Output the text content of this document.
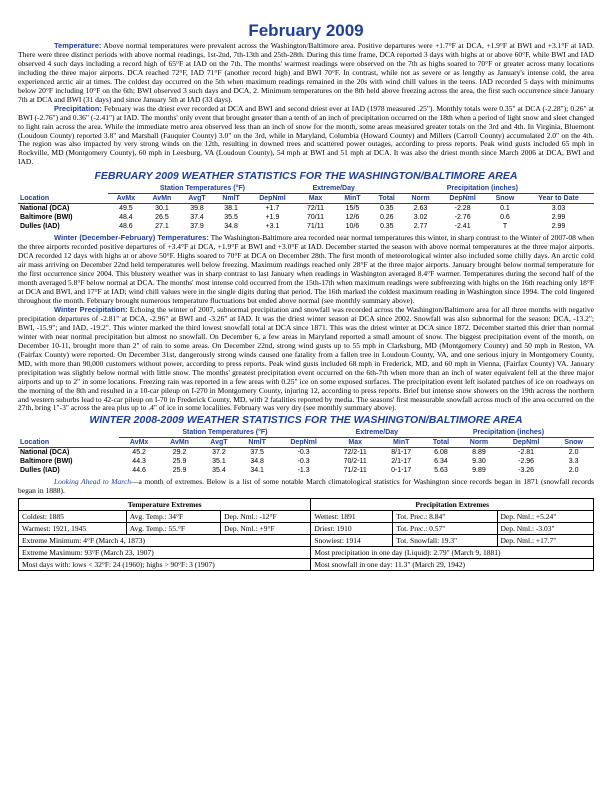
February 2009

Temperature: Above normal temperatures were prevalent across the Washington/Baltimore area. Positive departures were +1.7°F at DCA, +1.9°F at BWI and +3.1°F at IAD. There were three distinct periods with above normal readings, 1st-2nd, 7th-13th and 25th-28th. During this time frame, DCA reported 3 days with highs at or above 60°F, while BWI and IAD observed 4 such days including a record high of 65°F at IAD on the 7th. The months' warmest readings were observed on the 7th as highs soared to 70°F or greater across many locations including the three major airports. DCA reached 72°F, IAD 71°F (another record high) and BWI 70°F. In contrast, while not as severe or as lengthy as January's intense cold, the area experienced arctic air at times. The coldest day occurred on the 5th when maximum readings remained in the 20s with wind chill values in the teens. IAD recorded 5 days with minimums below 20°F including 10°F on the 6th; BWI observed 3 such days and DCA, 2. Minimum temperatures on the 8th held above freezing across the area, the first such occurrence since January 7th at DCA and BWI (31 days) and since January 5th at IAD (33 days).

Precipitation: February was the driest ever recorded at DCA and BWI and second driest ever at IAD (1978 measured .25"). Monthly totals were 0.35" at DCA (-2.28"); 0.26" at BWI (-2.76") and 0.36" (-2.41") at IAD. The months' only event that brought greater than a tenth of an inch of precipitation occurred on the 18th when a period of light snow and sleet changed to light rain across the area. While the immediate metro area observed less than an inch of snow for the month, some areas measured greater totals on the 3rd and 4th. In Virginia, Bluemont (Loudoun County) reported 3.8" and Marshall (Fauquier County) 3.0" on the 3rd, while in Maryland, Columbia (Howard County) and Millers (Carroll County) accumulated 2.0" on the 4th. The region was also impacted by very strong winds on the 12th, resulting in downed trees and scattered power outages, according to press reports. Peak wind gusts included 65 mph in Rockville, MD (Montgomery County), 60 mph in Leesburg, VA (Loudoun County), 54 mph at BWI and 51 mph at DCA. It was also the driest month since March 2006 at DCA, BWI and IAD.

FEBRUARY 2009 WEATHER STATISTICS FOR THE WASHINGTON/BALTIMORE AREA
	Station Temperatures (°F)					Extreme/Day		Precipitation (inches)				
Location	AvMx	AvMn	AvgT	NmlT	DepNml	Max	MinT	Total	Norm	DepNml	Snow	Year to Date
National (DCA)	49.5	30.1	39.8	38.1	+1.7	72/11	15/5	0.35	2.63	-2.28	0.1	3.03
Baltimore (BWI)	48.4	26.5	37.4	35.5	+1.9	70/11	12/6	0.26	3.02	-2.76	0.6	2.99
Dulles (IAD)	48.6	27.1	37.9	34.8	+3.1	71/11	10/6	0.35	2.77	-2.41	T	2.99

Winter (December-February) Temperatures: The Washington-Baltimore area recorded near normal temperatures this winter, in sharp contrast to the Winter of 2007-08 when the three airports recorded positive departures of +3.4°F at DCA, +1.9°F at BWI and +3.0°F at IAD. December started the season with above normal temperatures at the three major airports. DCA recorded 12 days with highs at or above 50°F. Highs soared to 70°F at DCA on December 28th. The first month of meteorological winter also included some chilly days. An arctic cold air mass arriving on December 22nd held temperatures well below freezing. Maximum readings reached only 28°F at the three major airports. January brought below normal temperature for the first occurrence since 2004. This blustery weather was in sharp contrast to last January when readings in Washington averaged 8.4°F warmer. Temperatures during the second half of the month averaged 5.8°F below normal at DCA. The months' most intense cold occurred from the 15th-17th when maximum readings were subfreezing with highs on the 16th reaching only 18°F at DCA and BWI, and 17°F at IAD; wind chill values were in the single digits during that period. The 16th marked the coldest maximum reading in Washington since 1994. The cold lingered throughout the month. February brought numerous temperature fluctuations but ended above normal (see monthly summary above).

Winter Precipitation: Echoing the winter of 2007, subnormal precipitation and snowfall was recorded across the Washington/Baltimore area for all three months with negative precipitation departures of -2.81" at DCA, -2.96" at BWI and -3.26" at IAD. It was the driest winter season at DCA since 2002. Snowfall was also subnormal for the season: DCA, -13.2"; BWI, -15.9"; and IAD, -19.2". This winter marked the third lowest snowfall total at DCA since 1871. This was the driest winter at DCA since 1872. December started this drier than normal winter with near normal precipitation but almost no snowfall. On December 6, a few areas in Maryland reported a small amount of snow. The biggest precipitation event of the month, on December 10-11, brought more than 2" of rain to some areas. On December 22nd, strong wind gusts up to 55 mph in Clarksburg, MD (Montgomery County) and 50 mph in Reston, VA (Fairfax County) were reported. On December 31st, dangerously strong winds caused one fatality from a fallen tree in Loudoun County, VA, and one serious injury in Montgomery County, MD, with more than 90,000 customers without power, according to press reports. Peak wind gusts included 68 mph in Frederick, MD, and 60 mph in Vienna, (Fairfax County) VA. January precipitation was slightly below normal with little snow. The months' greatest precipitation event occurred on the 6th-7th when more than an inch of water equivalent fell at the three major airports and up to 2" in some locations. Freezing rain was reported in a few areas with 0.25" ice on some exposed surfaces. The precipitation event left isolated patches of ice on roadways on the morning of the 8th and resulted in a 10-car pileup on I-270 in Montgomery County, injuring 12, according to press reports. Brief but intense snow showers on the 19th across the northern and western suburbs lead to 42-car pileup on I-70 in Frederick County, MD, with 2 fatalities reported by media. The seasons' first measurable snowfall across much of the area occurred on the 27th, bring 1"-3" across the area plus up to .4" of ice in some localities. February was very dry (see monthly summary above).

WINTER 2008-2009 WEATHER STATISTICS FOR THE WASHINGTON/BALTIMORE AREA
	Station Temperatures (°F)					Extreme/Day		Precipitation (inches)			
Location	AvMx	AvMn	AvgT	NmlT	DepNml	Max	MinT	Total	Norm	DepNml	Snow
National (DCA)	45.2	29.2	37.2	37.5	-0.3	72/2-11	8/1-17	6.08	8.89	-2.81	2.0
Baltimore (BWI)	44.3	25.9	35.1	34.8	-0.3	70/2-11	2/1-17	6.34	9.30	-2.96	3.3
Dulles (IAD)	44.6	25.9	35.4	34.1	-1.3	71/2-11	0-1-17	5.63	9.89	-3.26	2.0

Looking Ahead to March—a month of extremes. Below is a list of some notable March climatological statistics for Washington since records began in 1871 (snowfall records began in 1888).

Temperature Extremes			Precipitation Extremes		
Coldest: 1885	Avg. Temp.: 34°F	Dep. Nml.: -12°F	Wettest: 1891	Tot. Prec.: 8.84"	Dep. Nml.: +5.24"
Warmest: 1921, 1945	Avg. Temp.: 55.°F	Dep. Nml.: +9°F	Driest: 1910	Tot. Prec.: 0.57"	Dep. Nml.: -3.03"
Extreme Minimum: 4°F (March 4, 1873)			Snowiest: 1914	Tot. Snowfall: 19.3"	Dep. Nml.: +17.7"
Extreme Maximum: 93°F (March 23, 1907)			Most precipitation in one day (Liquid): 2.79" (March 9, 1881)		
Most days with: lows < 32°F: 24 (1960); highs > 90°F: 3 (1907)			Most snowfall in one day: 11.3" (March 29, 1942)		
